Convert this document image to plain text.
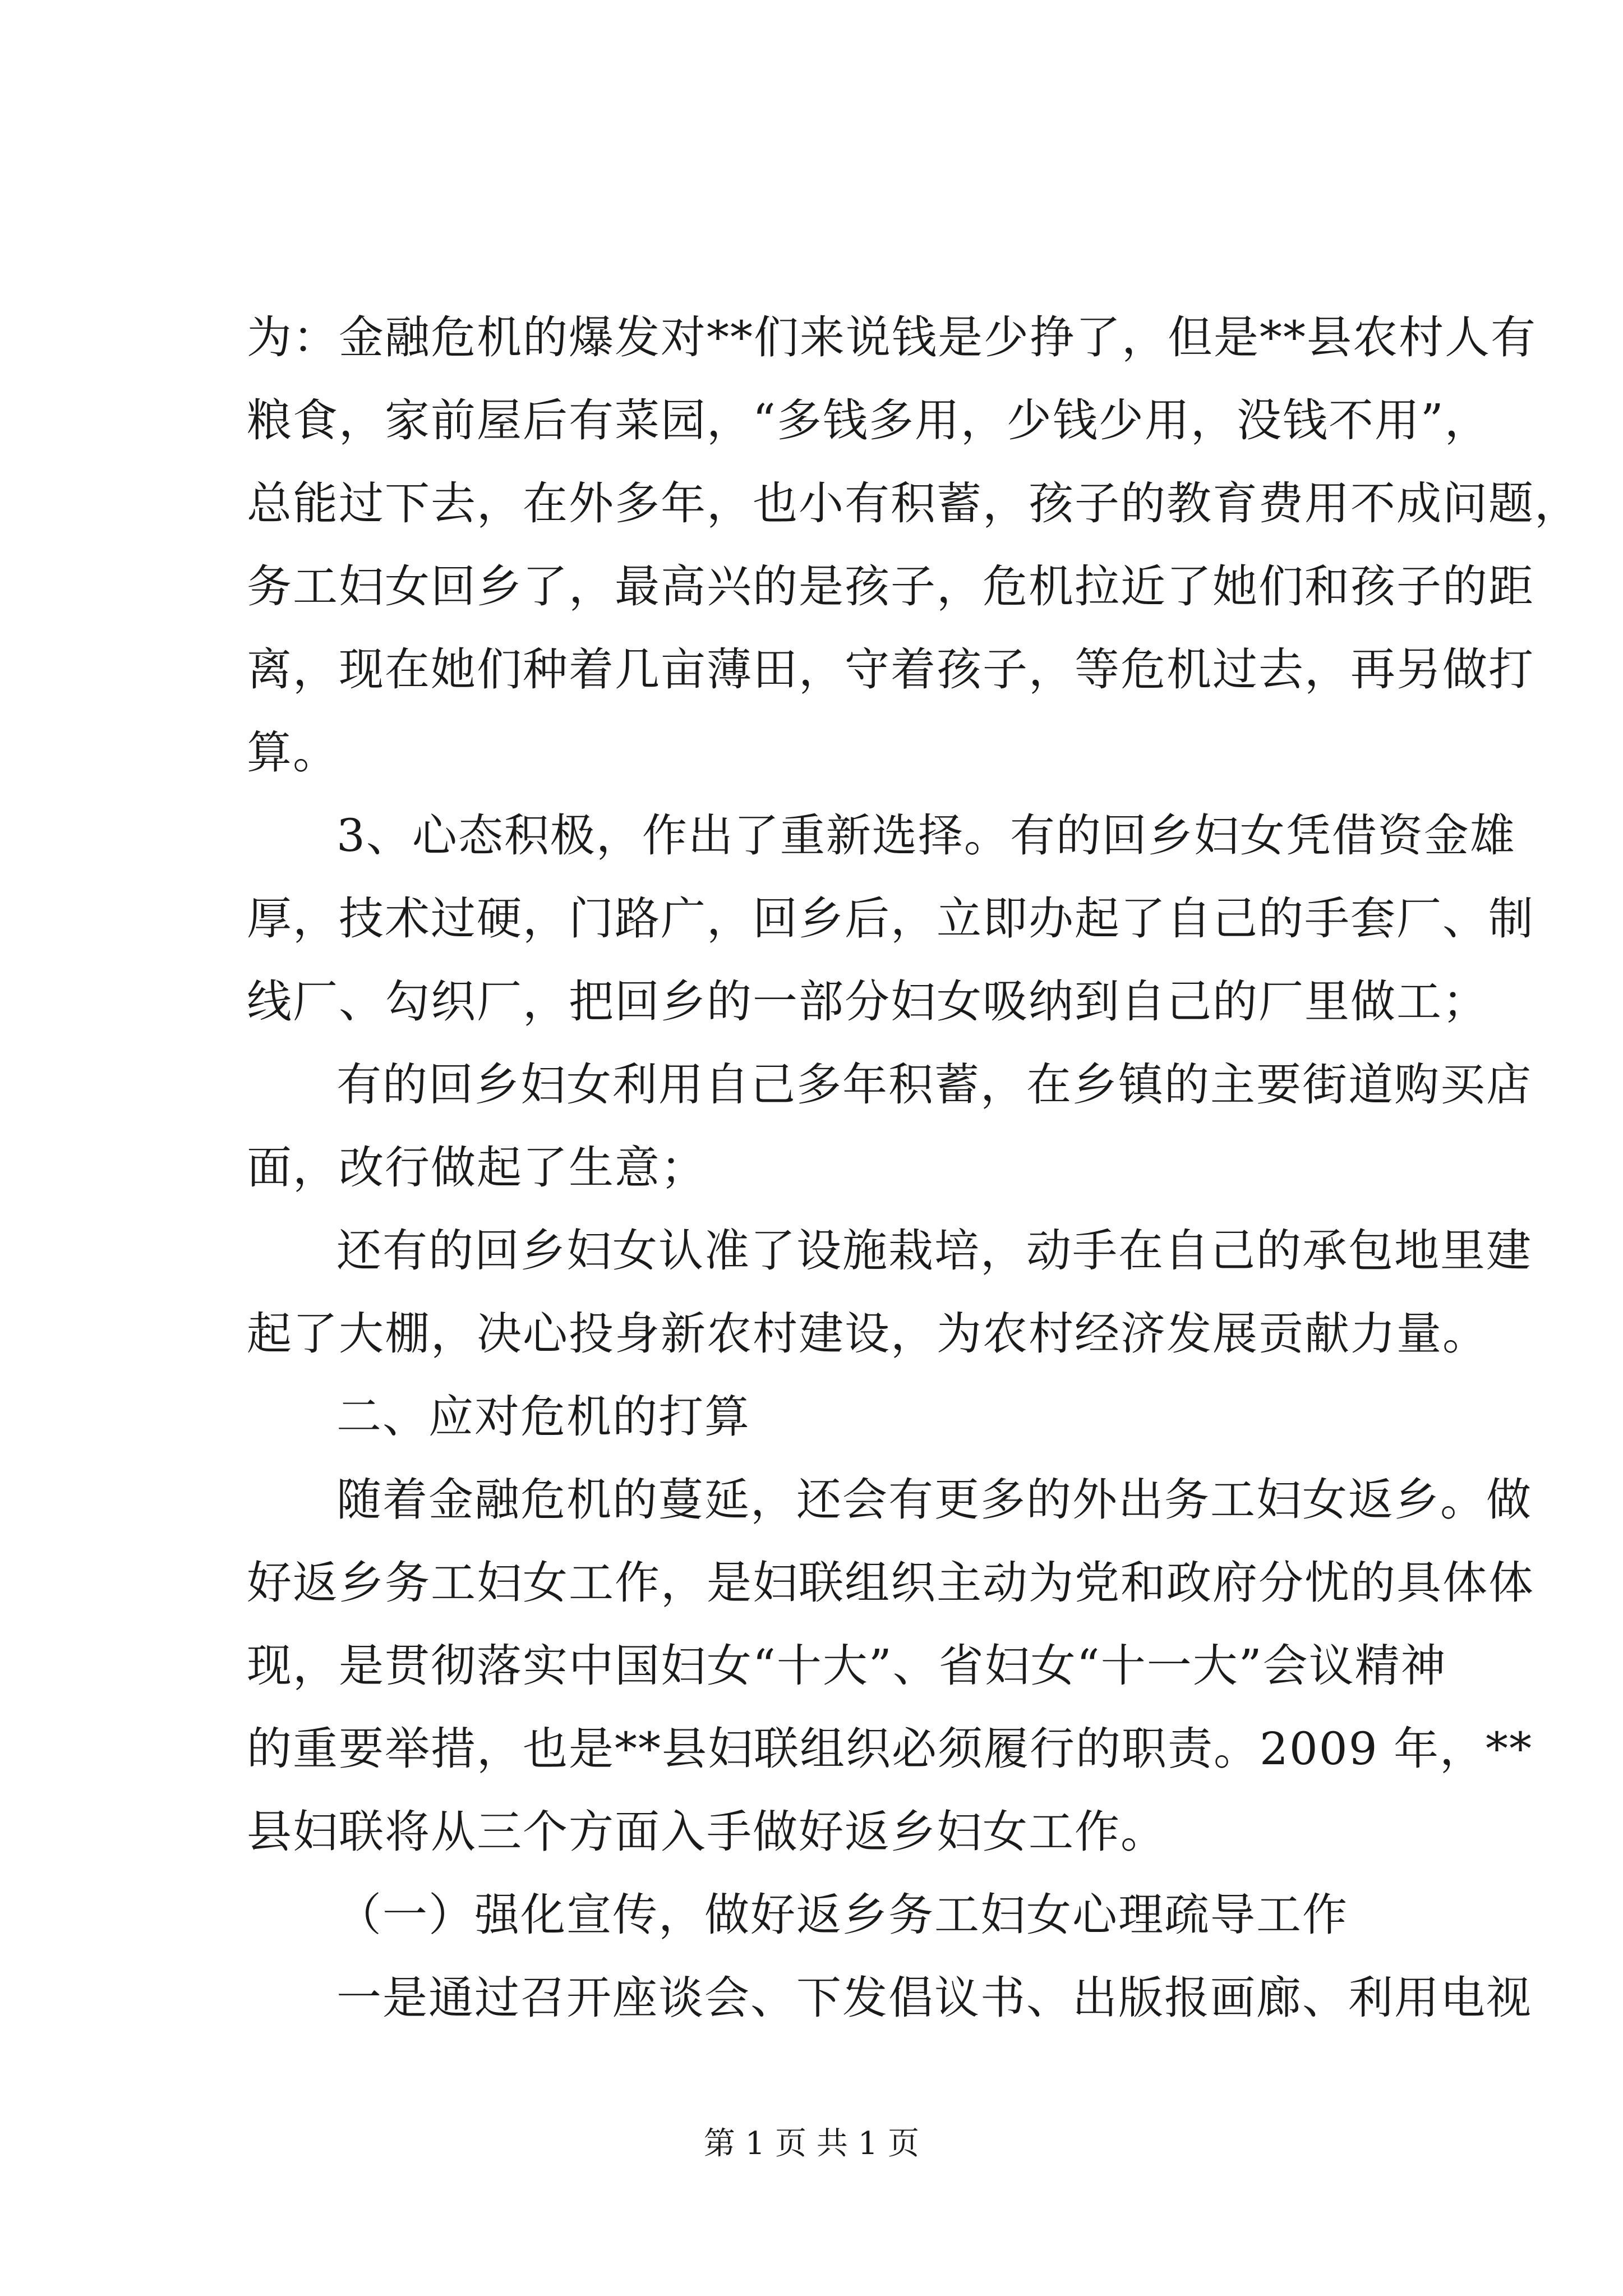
为：金融危机的爆发对**们来说钱是少挣了，但是**县农村人有
粮食，家前屋后有菜园，“多钱多用，少钱少用，没钱不用”，
总能过下去，在外多年，也小有积蓄，孩子的教育费用不成问题，
务工妇女回乡了，最高兴的是孩子，危机拉近了她们和孩子的距
离，现在她们种着几亩薄田，守着孩子，等危机过去，再另做打
算。
3、心态积极，作出了重新选择。有的回乡妇女凭借资金雄
厚，技术过硬，门路广，回乡后，立即办起了自己的手套厂、制
线厂、勾织厂，把回乡的一部分妇女吸纳到自己的厂里做工；
有的回乡妇女利用自己多年积蓄，在乡镇的主要街道购买店
面，改行做起了生意；
还有的回乡妇女认准了设施栽培，动手在自己的承包地里建
起了大棚，决心投身新农村建设，为农村经济发展贡献力量。
二、应对危机的打算
随着金融危机的蔓延，还会有更多的外出务工妇女返乡。做
好返乡务工妇女工作，是妇联组织主动为党和政府分忧的具体体
现，是贯彻落实中国妇女“十大”、省妇女“十一大”会议精神
的重要举措，也是**县妇联组织必须履行的职责。2009 年，**
县妇联将从三个方面入手做好返乡妇女工作。
（一）强化宣传，做好返乡务工妇女心理疏导工作
一是通过召开座谈会、下发倡议书、出版报画廊、利用电视
第 1 页 共 1 页
